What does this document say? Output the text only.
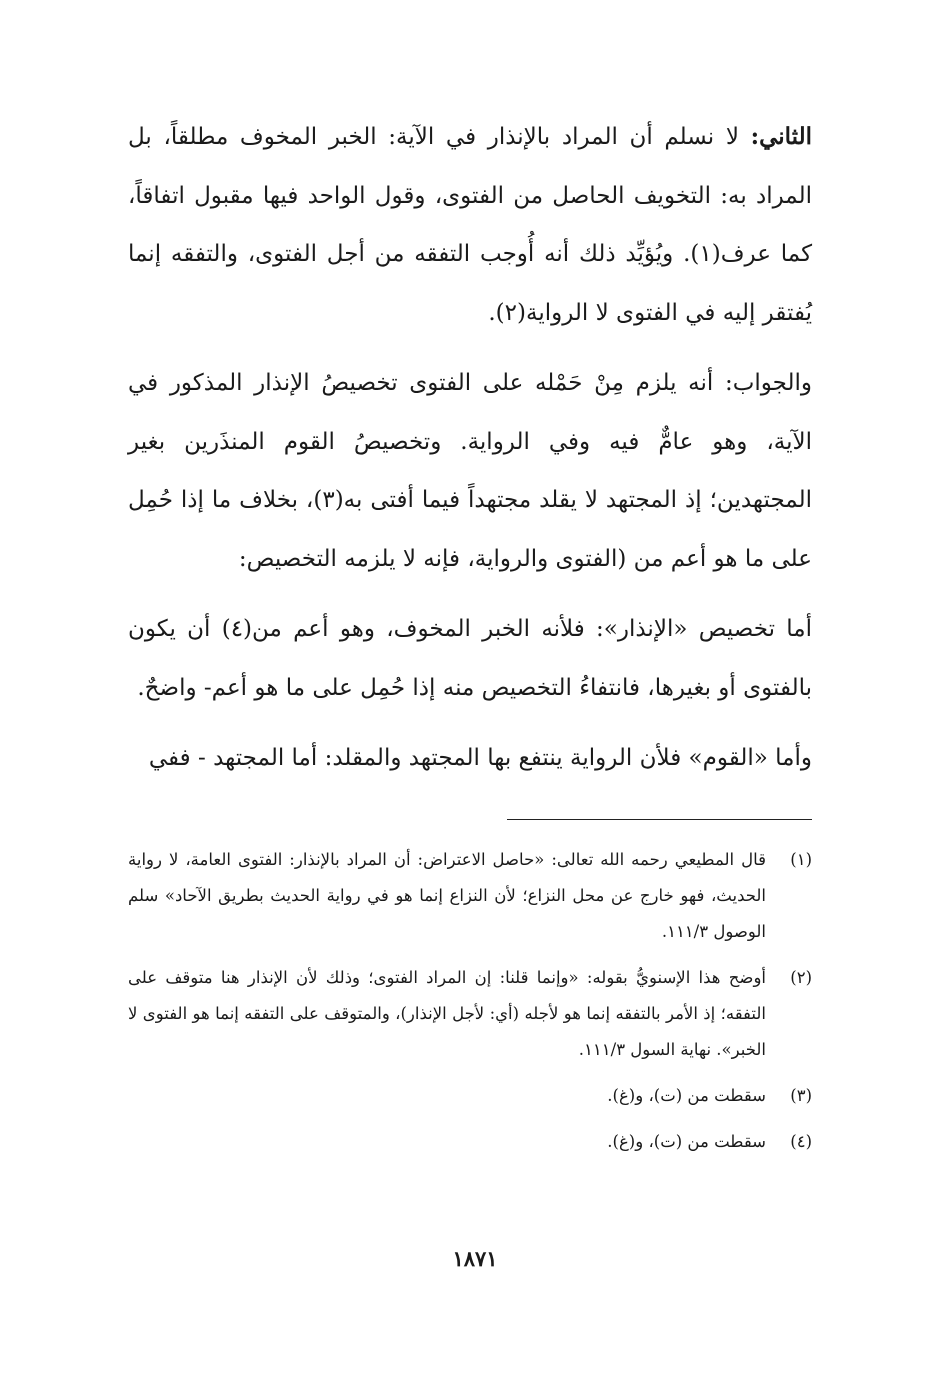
الثاني: لا نسلم أن المراد بالإنذار في الآية: الخبر المخوف مطلقاً، بل المراد به: التخويف الحاصل من الفتوى، وقول الواحد فيها مقبول اتفاقاً، كما عرف(١). ويُؤيِّد ذلك أنه أُوجب التفقه من أجل الفتوى، والتفقه إنما يُفتقر إليه في الفتوى لا الرواية(٢).

والجواب: أنه يلزم مِنْ حَمْله على الفتوى تخصيصُ الإنذار المذكور في الآية، وهو عامٌّ فيه وفي الرواية. وتخصيصُ القوم المنذَرين بغير المجتهدين؛ إذ المجتهد لا يقلد مجتهداً فيما أفتى به(٣)، بخلاف ما إذا حُمِل على ما هو أعم من (الفتوى والرواية، فإنه لا يلزمه التخصيص:

أما تخصيص «الإنذار»: فلأنه الخبر المخوف، وهو أعم من(٤) أن يكون بالفتوى أو بغيرها، فانتفاءُ التخصيص منه إذا حُمِل على ما هو أعم- واضحٌ.

وأما «القوم» فلأن الرواية ينتفع بها المجتهد والمقلد: أما المجتهد - ففي

(١)
قال المطيعي رحمه الله تعالى: «حاصل الاعتراض: أن المراد بالإنذار: الفتوى العامة، لا رواية الحديث، فهو خارج عن محل النزاع؛ لأن النزاع إنما هو في رواية الحديث بطريق الآحاد» سلم الوصول ١١١/٣.
(٢)
أوضح هذا الإسنويُّ بقوله: «وإنما قلنا: إن المراد الفتوى؛ وذلك لأن الإنذار هنا متوقف على التفقه؛ إذ الأمر بالتفقه إنما هو لأجله (أي: لأجل الإنذار)، والمتوقف على التفقه إنما هو الفتوى لا الخبر». نهاية السول ١١١/٣.
(٣)
سقطت من (ت)، و(غ).
(٤)
سقطت من (ت)، و(غ).
١٨٧١
